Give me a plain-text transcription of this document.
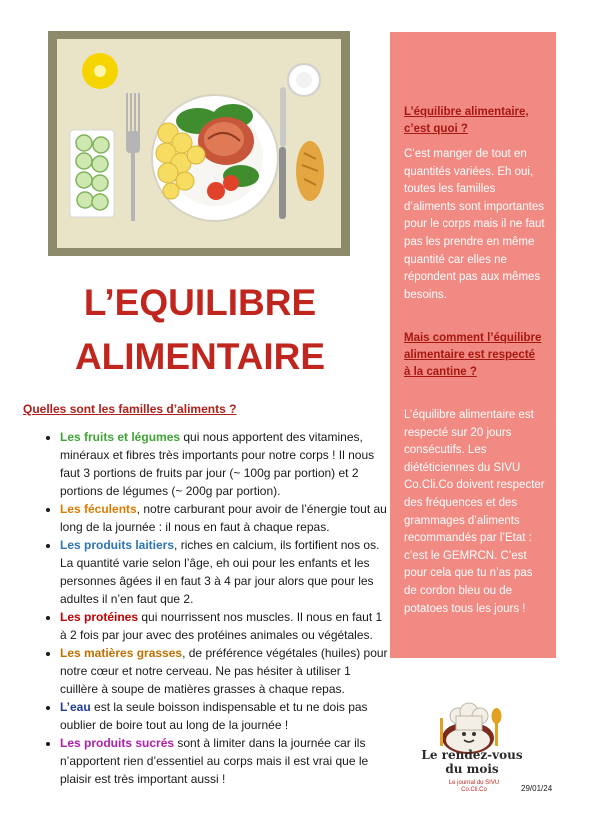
L’EQUILIBRE
ALIMENTAIRE
Quelles sont les familles d’aliments ?
• Les fruits et légumes qui nous apportent des vitamines, minéraux et fibres très importants pour notre corps ! Il nous faut 3 portions de fruits par jour (~ 100g par portion) et 2 portions de légumes (~ 200g par portion).
• Les féculents, notre carburant pour avoir de l’énergie tout au long de la journée : il nous en faut à chaque repas.
• Les produits laitiers, riches en calcium, ils fortifient nos os. La quantité varie selon l’âge, eh oui pour les enfants et les personnes âgées il en faut 3 à 4 par jour alors que pour les adultes il n’en faut que 2.
• Les protéines qui nourrissent nos muscles. Il nous en faut 1 à 2 fois par jour avec des protéines animales ou végétales.
• Les matières grasses, de préférence végétales (huiles) pour notre cœur et notre cerveau. Ne pas hésiter à utiliser 1 cuillère à soupe de matières grasses à chaque repas.
• L’eau est la seule boisson indispensable et tu ne dois pas oublier de boire tout au long de la journée !
• Les produits sucrés sont à limiter dans la journée car ils n’apportent rien d’essentiel au corps mais il est vrai que le plaisir est très important aussi !
L’équilibre alimentaire, c’est quoi ?
C’est manger de tout en quantités variées. Eh oui, toutes les familles d’aliments sont importantes pour le corps mais il ne faut pas les prendre en même quantité car elles ne répondent pas aux mêmes besoins.
Mais comment l’équilibre alimentaire est respecté à la cantine ?
L’équilibre alimentaire est respecté sur 20 jours consécutifs. Les diététiciennes du SIVU Co.Cli.Co doivent respecter des fréquences et des grammages d’aliments recommandés par l’Etat : c’est le GEMRCN. C’est pour cela que tu n’as pas de cordon bleu ou de potatoes tous les jours !
Le rendez-vous
du mois
Le journal du SIVU
Co.Cli.Co	29/01/24
